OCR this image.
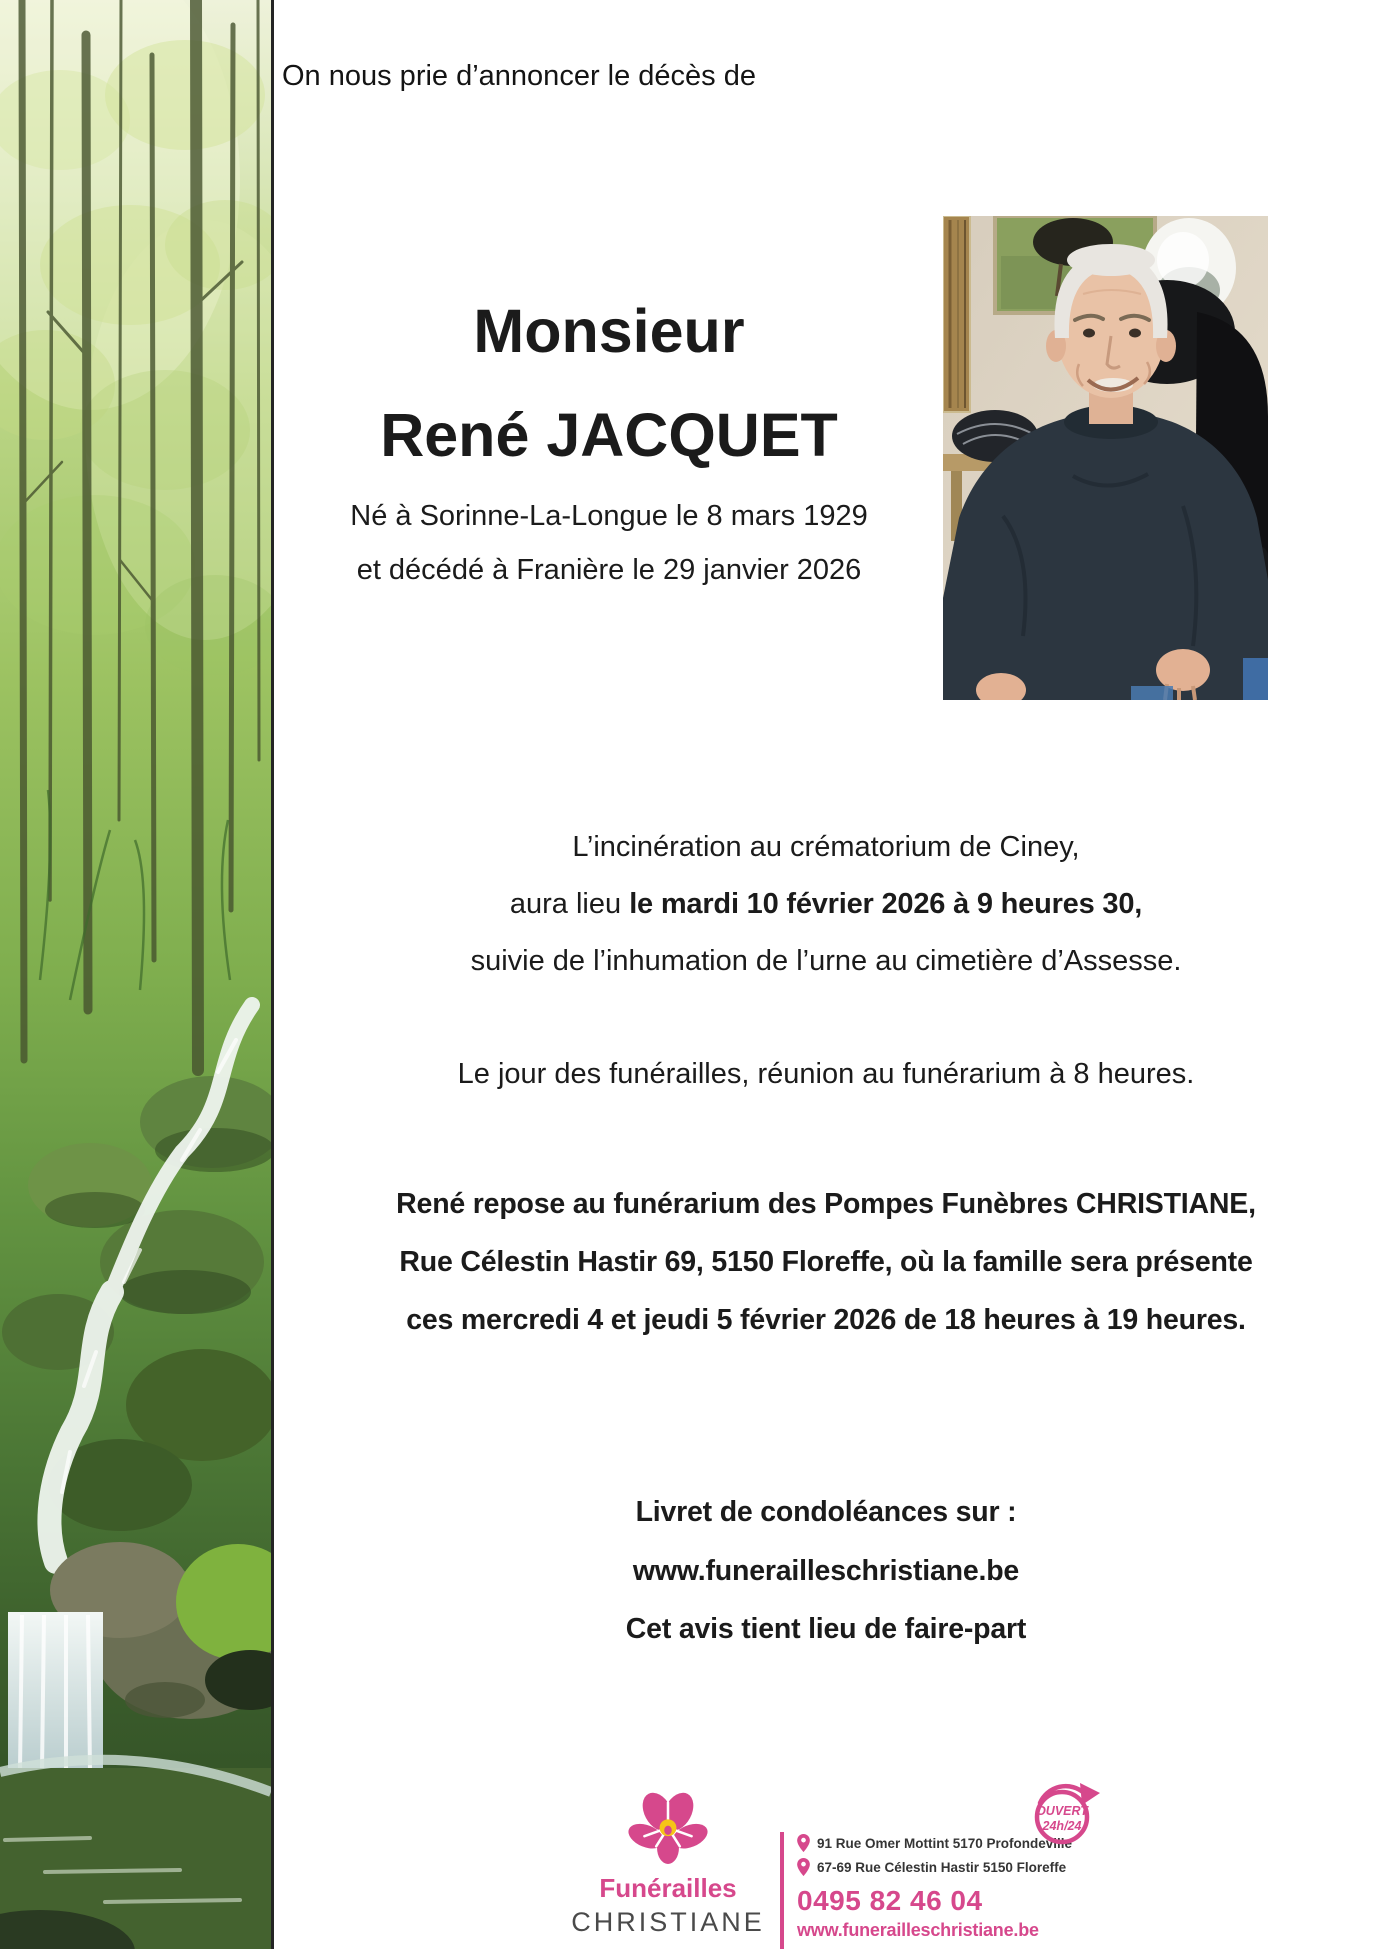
On nous prie d’annoncer le décès de
Monsieur
René JACQUET
Né à Sorinne-La-Longue le 8 mars 1929
et décédé à Franière le 29 janvier 2026
L’incinération au crématorium de Ciney,
aura lieu le mardi 10 février 2026 à 9 heures 30,
suivie de l’inhumation de l’urne au cimetière d’Assesse.
Le jour des funérailles, réunion au funérarium à 8 heures.
René repose au funérarium des Pompes Funèbres CHRISTIANE,
Rue Célestin Hastir 69, 5150 Floreffe, où la famille sera présente
ces mercredi 4 et jeudi 5 février 2026 de 18 heures à 19 heures.
Livret de condoléances sur :
www.funerailleschristiane.be
Cet avis tient lieu de faire-part
Funérailles
CHRISTIANE
91 Rue Omer Mottint 5170 Profondeville
67-69 Rue Célestin Hastir 5150 Floreffe
0495 82 46 04
www.funerailleschristiane.be
OUVERT
24h/24
